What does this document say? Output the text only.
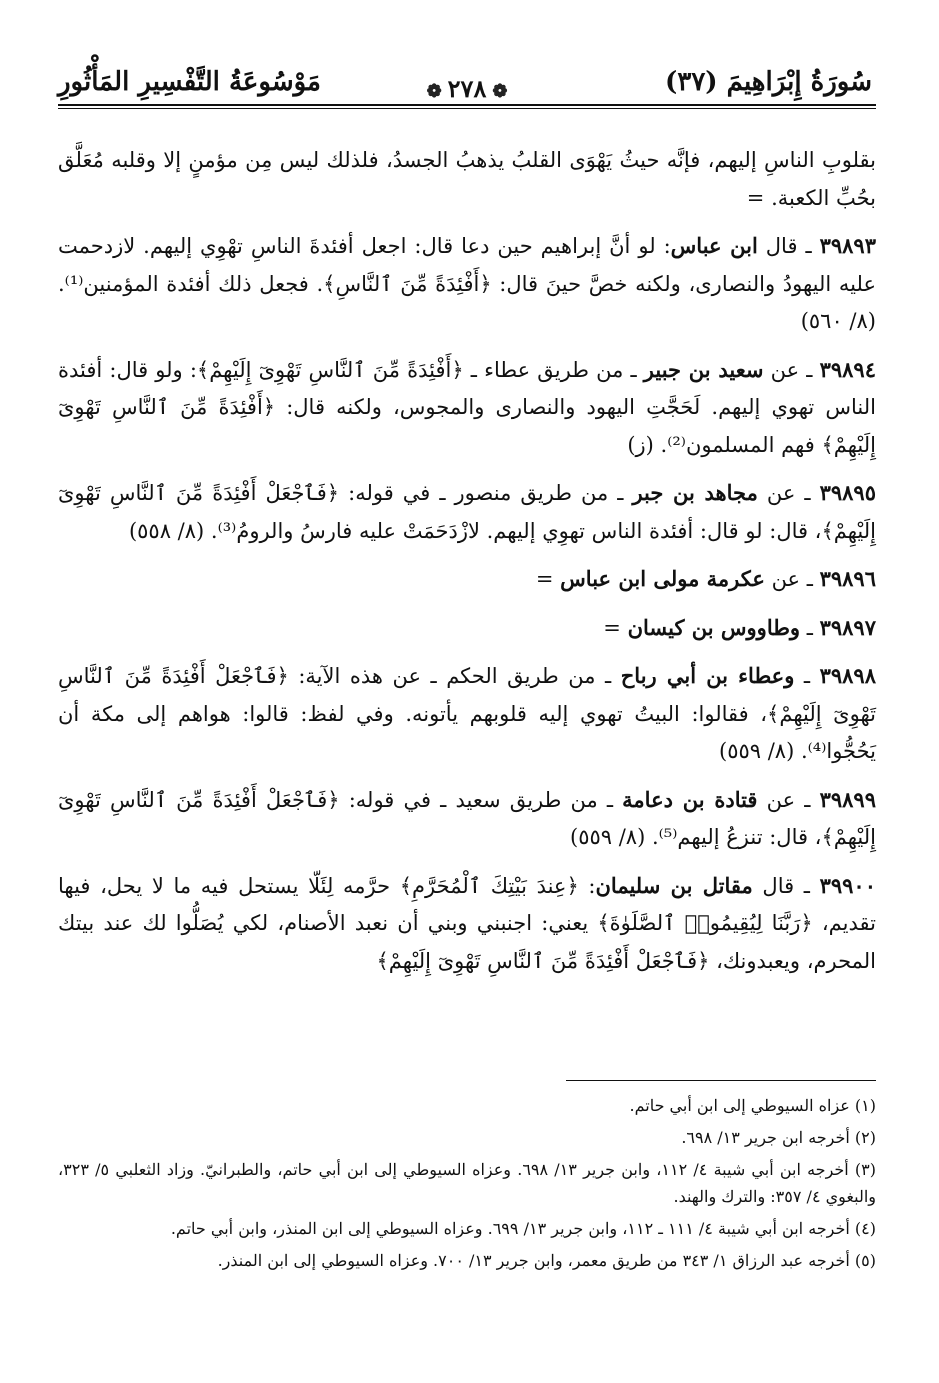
سُورَةُ إِبْرَاهِيمَ (٣٧)
❁٢٧٨❁
مَوْسُوعَةُ التَّفْسِيرِ المَأْثُورِ

بقلوبِ الناسِ إليهم، فإنَّه حيثُ يَهْوَى القلبُ يذهبُ الجسدُ، فلذلك ليس مِن مؤمنٍ إلا وقلبه مُعَلَّق بحُبِّ الكعبة. =

٣٩٨٩٣ ـ قال ابن عباس: لو أنَّ إبراهيم حين دعا قال: اجعل أفئدةَ الناسِ تهْوِي إليهم. لازدحمت عليه اليهودُ والنصارى، ولكنه خصَّ حينَ قال: ﴿أَفْئِدَةً مِّنَ ٱلنَّاسِ﴾. فجعل ذلك أفئدة المؤمنين⁽¹⁾. (٨/ ٥٦٠)

٣٩٨٩٤ ـ عن سعيد بن جبير ـ من طريق عطاء ـ ﴿أَفْئِدَةً مِّنَ ٱلنَّاسِ تَهْوِىٓ إِلَيْهِمْ﴾: ولو قال: أفئدة الناس تهوي إليهم. لَحَجَّتِ اليهود والنصارى والمجوس، ولكنه قال: ﴿أَفْئِدَةً مِّنَ ٱلنَّاسِ تَهْوِىٓ إِلَيْهِمْ﴾ فهم المسلمون⁽²⁾. (ز)

٣٩٨٩٥ ـ عن مجاهد بن جبر ـ من طريق منصور ـ في قوله: ﴿فَٱجْعَلْ أَفْئِدَةً مِّنَ ٱلنَّاسِ تَهْوِىٓ إِلَيْهِمْ﴾، قال: لو قال: أفئدة الناس تهوِي إليهم. لازْدَحَمَتْ عليه فارسُ والرومُ⁽³⁾. (٨/ ٥٥٨)

٣٩٨٩٦ ـ عن عكرمة مولى ابن عباس =

٣٩٨٩٧ ـ وطاووس بن كيسان =

٣٩٨٩٨ ـ وعطاء بن أبي رباح ـ من طريق الحكم ـ عن هذه الآية: ﴿فَٱجْعَلْ أَفْئِدَةً مِّنَ ٱلنَّاسِ تَهْوِىٓ إِلَيْهِمْ﴾، فقالوا: البيتُ تهوي إليه قلوبهم يأتونه. وفي لفظ: قالوا: هواهم إلى مكة أن يَحُجُّوا⁽⁴⁾. (٨/ ٥٥٩)

٣٩٨٩٩ ـ عن قتادة بن دعامة ـ من طريق سعيد ـ في قوله: ﴿فَٱجْعَلْ أَفْئِدَةً مِّنَ ٱلنَّاسِ تَهْوِىٓ إِلَيْهِمْ﴾، قال: تنزعُ إليهم⁽⁵⁾. (٨/ ٥٥٩)

٣٩٩٠٠ ـ قال مقاتل بن سليمان: ﴿عِندَ بَيْتِكَ ٱلْمُحَرَّمِ﴾ حرَّمه لِئَلّا يستحل فيه ما لا يحل، فيها تقديم، ﴿رَبَّنَا لِيُقِيمُوا۟ ٱلصَّلَوٰةَ﴾ يعني: اجنبني وبني أن نعبد الأصنام، لكي يُصَلُّوا لك عند بيتك المحرم، ويعبدونك، ﴿فَٱجْعَلْ أَفْئِدَةً مِّنَ ٱلنَّاسِ تَهْوِىٓ إِلَيْهِمْ﴾

(١) عزاه السيوطي إلى ابن أبي حاتم.

(٢) أخرجه ابن جرير ١٣/ ٦٩٨.

(٣) أخرجه ابن أبي شيبة ٤/ ١١٢، وابن جرير ١٣/ ٦٩٨. وعزاه السيوطي إلى ابن أبي حاتم، والطبرانيّ. وزاد الثعلبي ٥/ ٣٢٣، والبغوي ٤/ ٣٥٧: والترك والهند.

(٤) أخرجه ابن أبي شيبة ٤/ ١١١ ـ ١١٢، وابن جرير ١٣/ ٦٩٩. وعزاه السيوطي إلى ابن المنذر، وابن أبي حاتم.

(٥) أخرجه عبد الرزاق ١/ ٣٤٣ من طريق معمر، وابن جرير ١٣/ ٧٠٠. وعزاه السيوطي إلى ابن المنذر.
